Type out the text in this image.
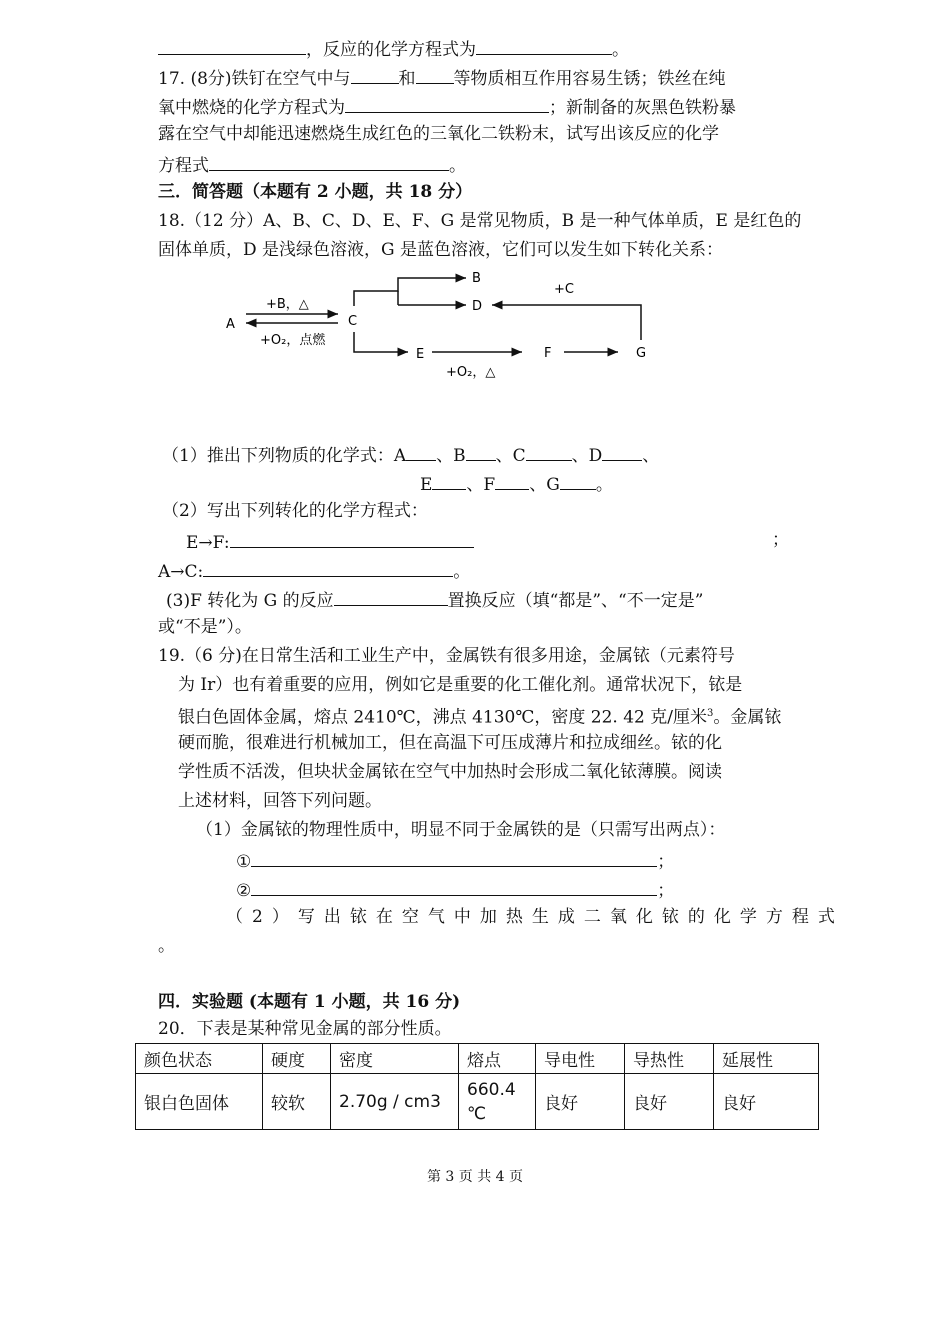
，反应的化学方程式为	。
17. (8分)铁钉在空气中与	和 等物质相互作用容易生锈；铁丝在纯
氧中燃烧的化学方程式为	；新制备的灰黑色铁粉暴
露在空气中却能迅速燃烧生成红色的三氧化二铁粉末，试写出该反应的化学
方程式	。
三．简答题（本题有 2 小题，共 18 分）
18.（12 分）A、B、C、D、E、F、G 是常见物质，B 是一种气体单质，E 是红色的
固体单质，D 是浅绿色溶液，G 是蓝色溶液，它们可以发生如下转化关系：
A	C
B
D
E	F	G
+B，△
+O₂，点燃
+C
+O₂，△
（1）推出下列物质的化学式：A 、B 、C	、D 、
E 、F 、G 。
（2）写出下列转化的化学方程式：
E→F:	；
A→C:	。
(3)F 转化为 G 的反应	置换反应（填“都是”、“不一定是”
或“不是”）。
19.（6 分)在日常生活和工业生产中，金属铁有很多用途，金属铱（元素符号
为 Ir）也有着重要的应用，例如它是重要的化工催化剂。通常状况下，铱是
银白色固体金属，熔点 2410℃，沸点 4130℃，密度 22. 42 克/厘米$^3$。金属铱
硬而脆，很难进行机械加工，但在高温下可压成薄片和拉成细丝。铱的化
学性质不活泼，但块状金属铱在空气中加热时会形成二氧化铱薄膜。阅读
上述材料，回答下列问题。
（1）金属铱的物理性质中，明显不同于金属铁的是（只需写出两点）：
①	；
②	；
（2）写出铱在空气中加热生成二氧化铱的化学方程式
。
四．实验题 (本题有 1 小题，共 16 分)
20．下表是某种常见金属的部分性质。
颜色状态	硬度	密度	熔点	导电性	导热性	延展性
银白色固体	较软	2.70g / cm3	660.4 ℃	良好	良好	良好
第 3 页 共 4 页
